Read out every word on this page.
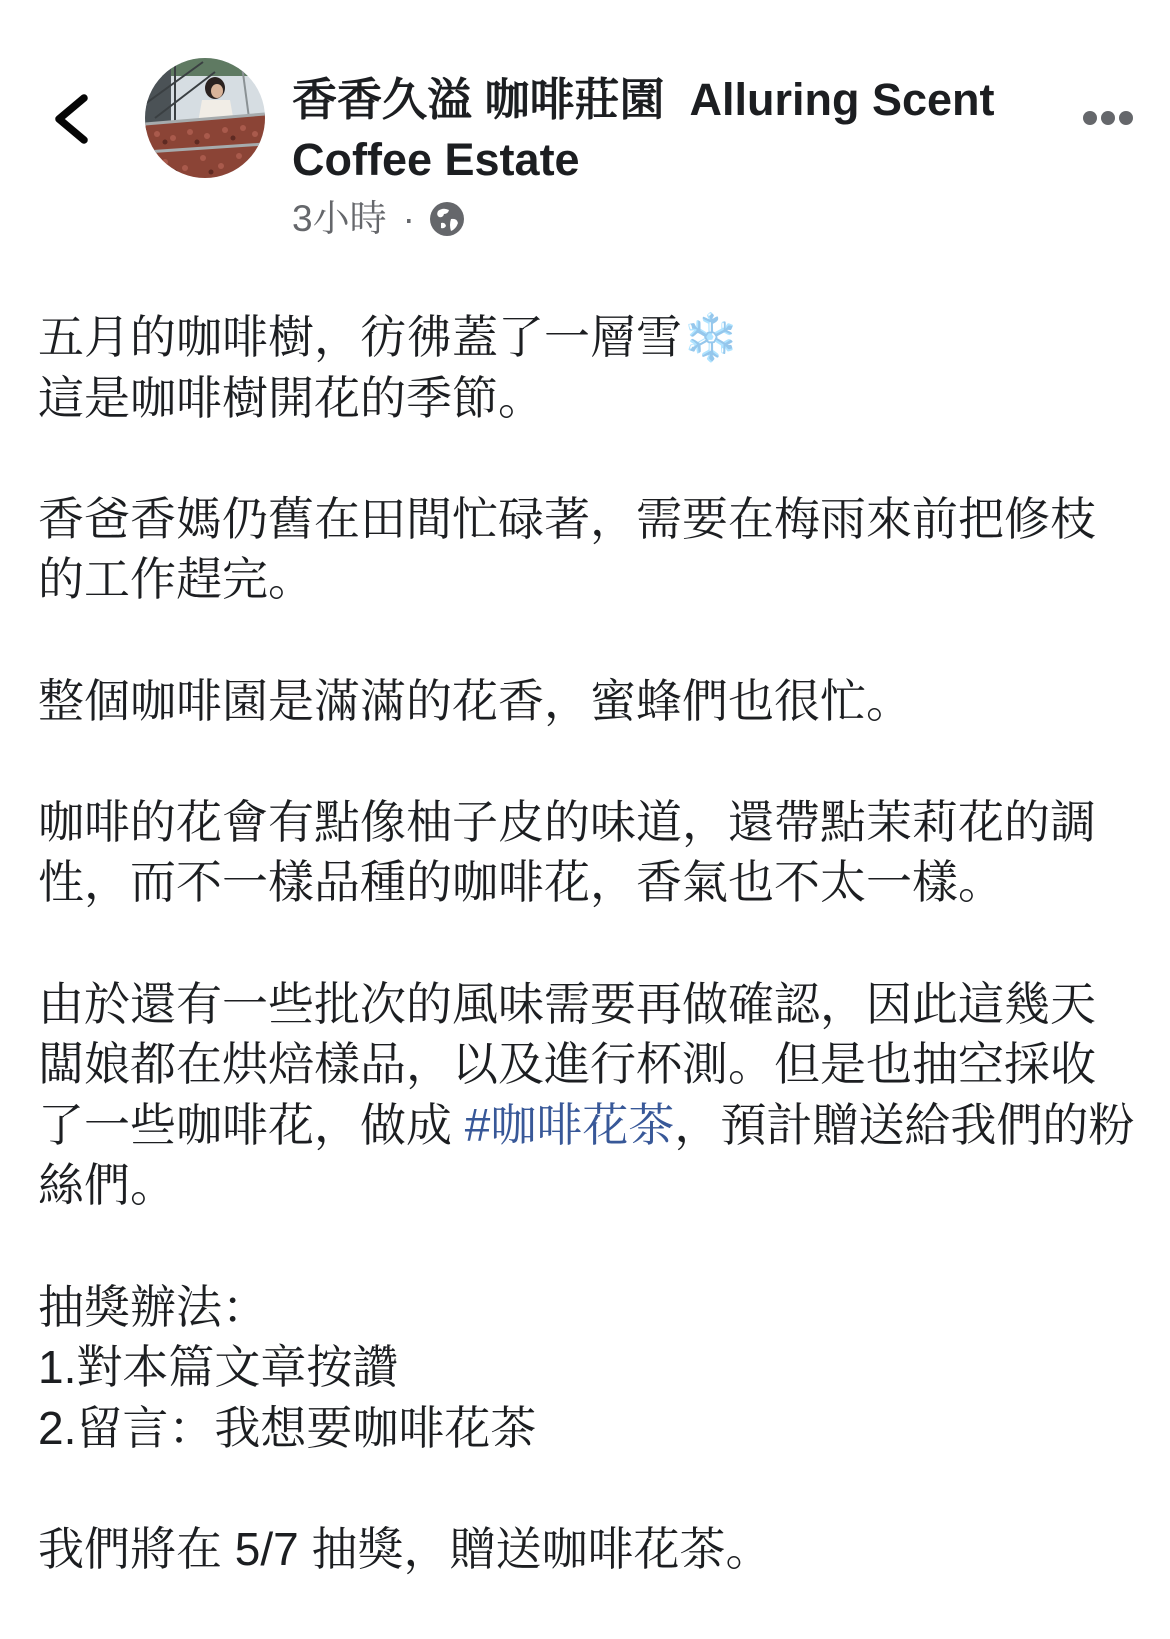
香香久溢 咖啡莊園  Alluring Scent
Coffee Estate
3小時 ·
五月的咖啡樹，彷彿蓋了一層雪❄️
這是咖啡樹開花的季節。
香爸香媽仍舊在田間忙碌著，需要在梅雨來前把修枝
的工作趕完。
整個咖啡園是滿滿的花香，蜜蜂們也很忙。
咖啡的花會有點像柚子皮的味道，還帶點茉莉花的調
性，而不一樣品種的咖啡花，香氣也不太一樣。
由於還有一些批次的風味需要再做確認，因此這幾天
闆娘都在烘焙樣品，以及進行杯測。但是也抽空採收
了一些咖啡花，做成 #咖啡花茶，預計贈送給我們的粉
絲們。
抽獎辦法：
1.對本篇文章按讚
2.留言：我想要咖啡花茶
我們將在 5/7 抽獎，贈送咖啡花茶。
